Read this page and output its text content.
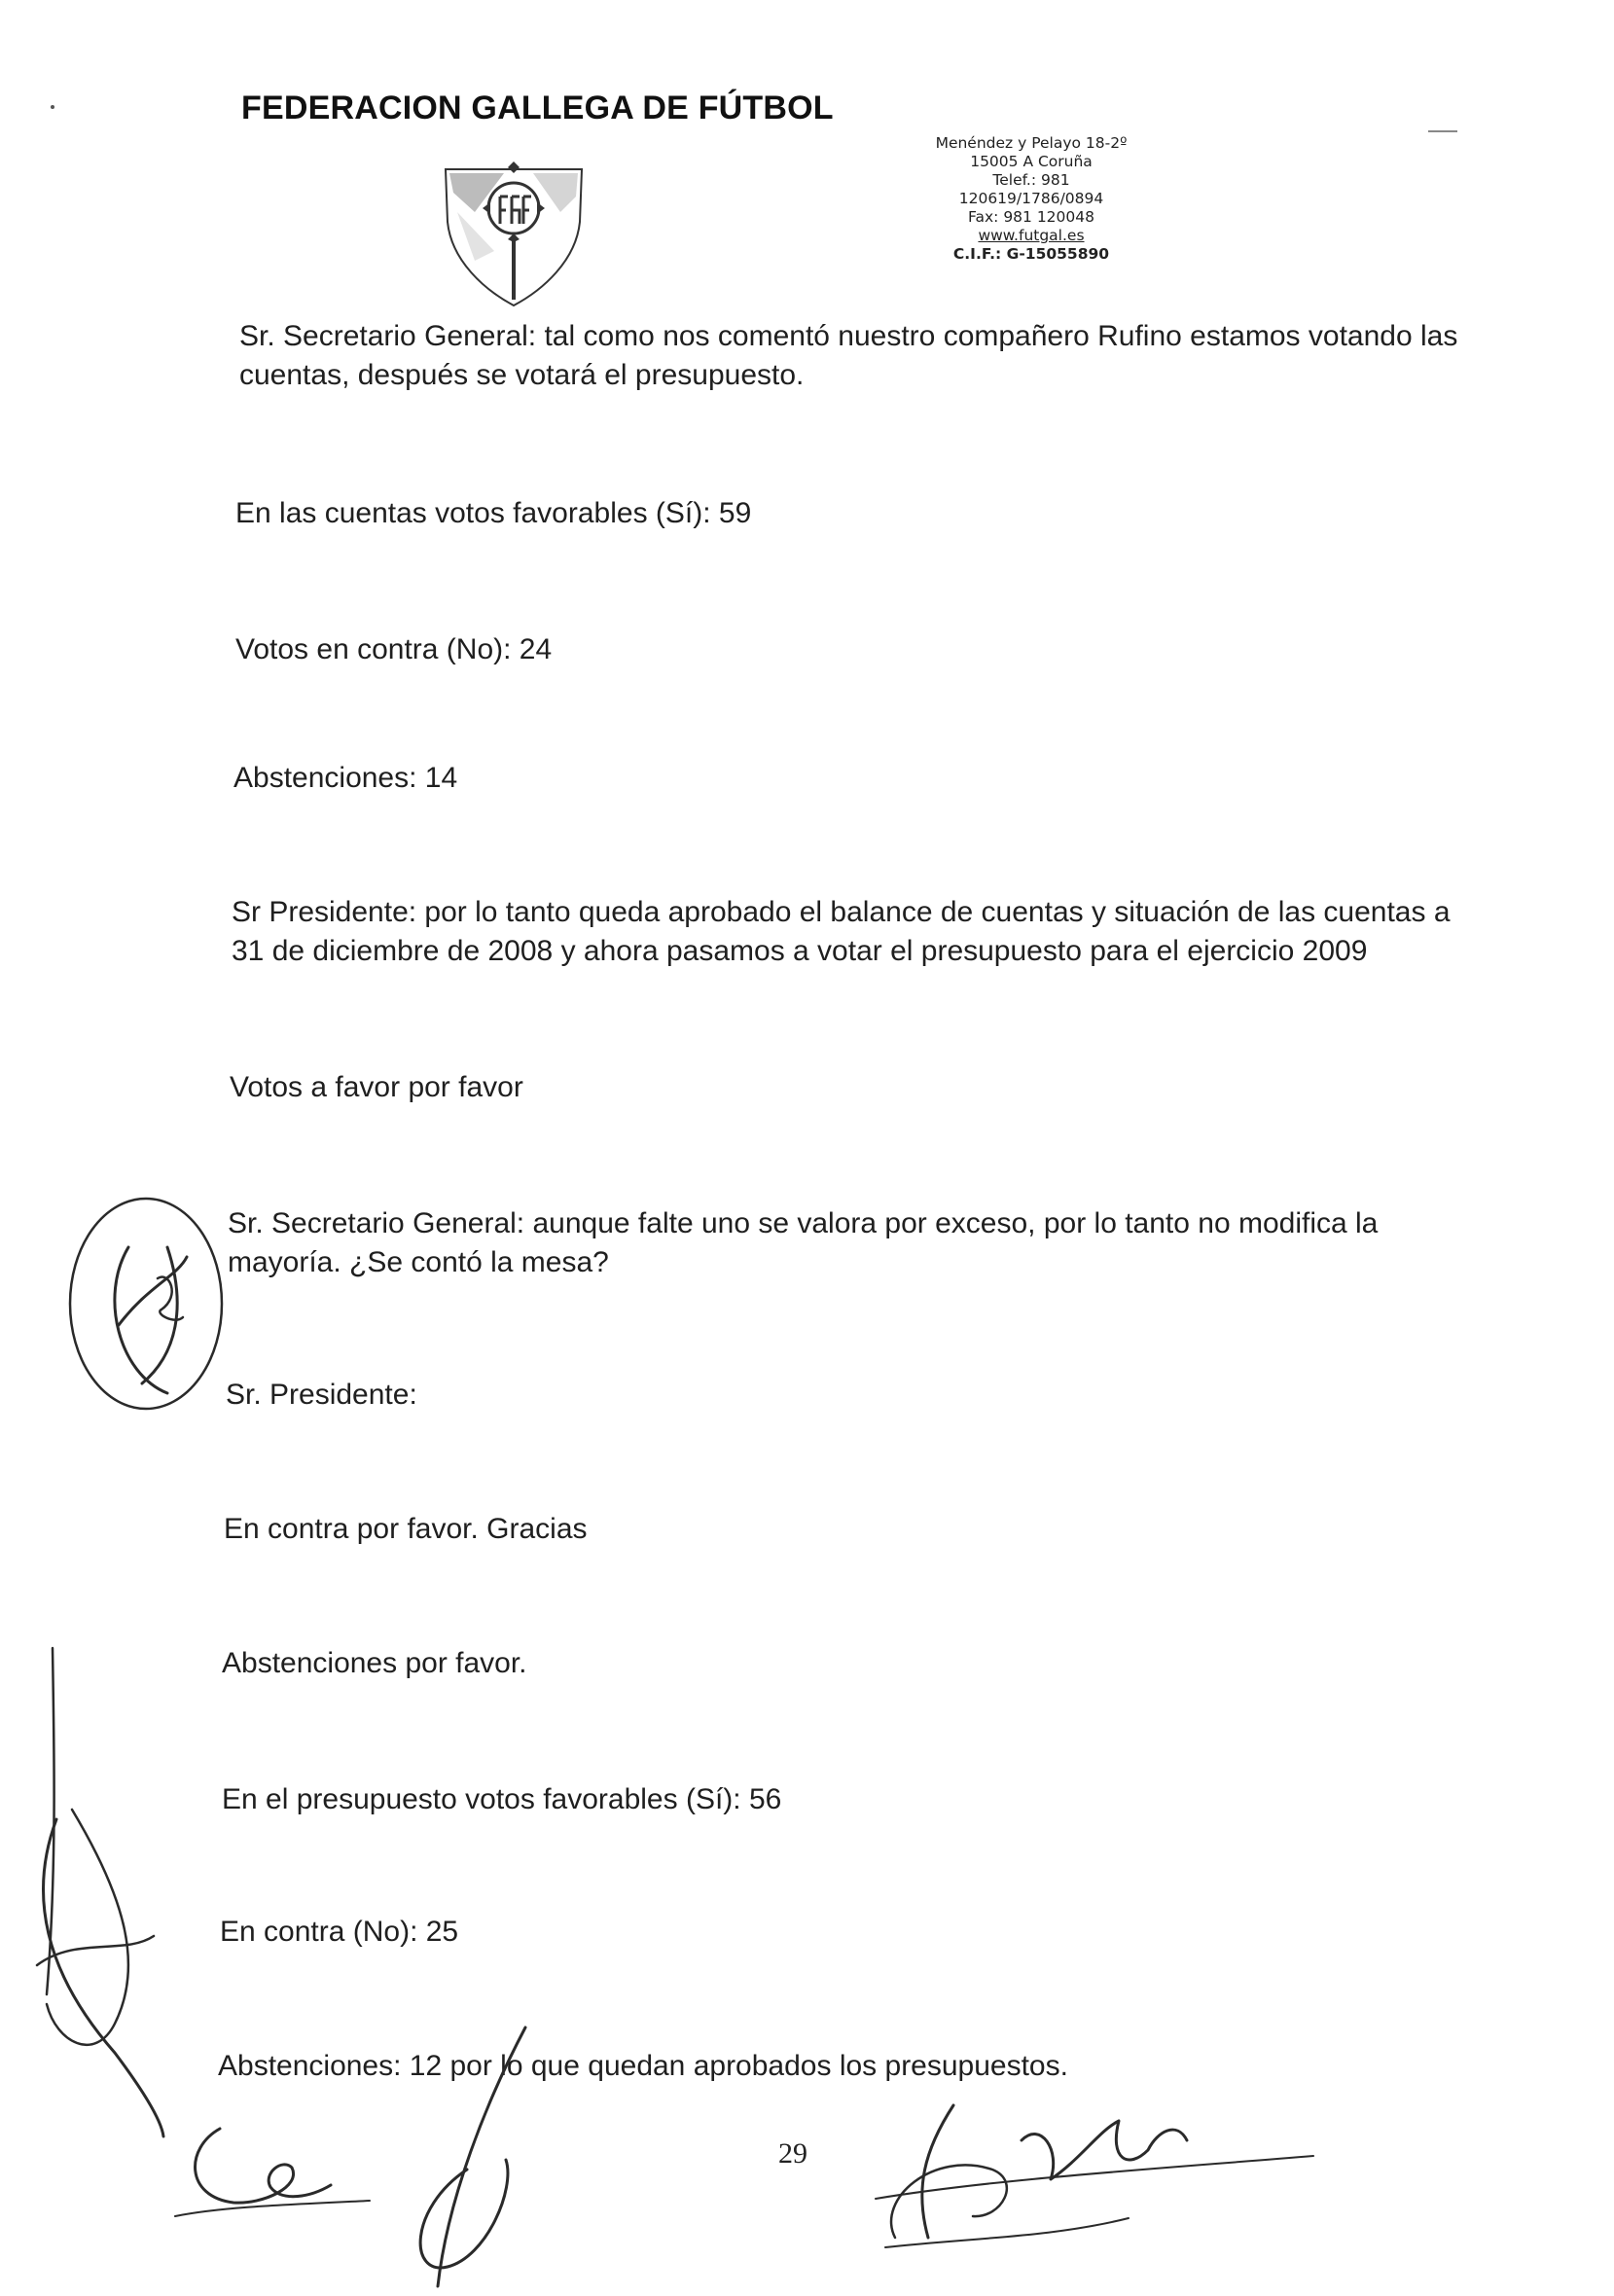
FEDERACION GALLEGA DE FÚTBOL
Menéndez y Pelayo 18-2º
15005 A Coruña
Telef.: 981 120619/1786/0894
Fax: 981 120048
www.futgal.es
C.I.F.: G-15055890

Sr. Secretario General: tal como nos comentó nuestro compañero Rufino estamos votando las cuentas, después se votará el presupuesto.

En las cuentas votos favorables (Sí): 59

Votos en contra (No): 24

Abstenciones: 14

Sr Presidente: por lo tanto queda aprobado el balance de cuentas y situación de las cuentas a 31 de diciembre de 2008 y ahora pasamos a votar el presupuesto para el ejercicio 2009

Votos a favor por favor

Sr. Secretario General: aunque falte uno se valora por exceso, por lo tanto no modifica la mayoría. ¿Se contó la mesa?

Sr. Presidente:

En contra por favor. Gracias

Abstenciones por favor.

En el presupuesto votos favorables (Sí): 56

En contra (No): 25

Abstenciones: 12 por lo que quedan aprobados los presupuestos.

29
